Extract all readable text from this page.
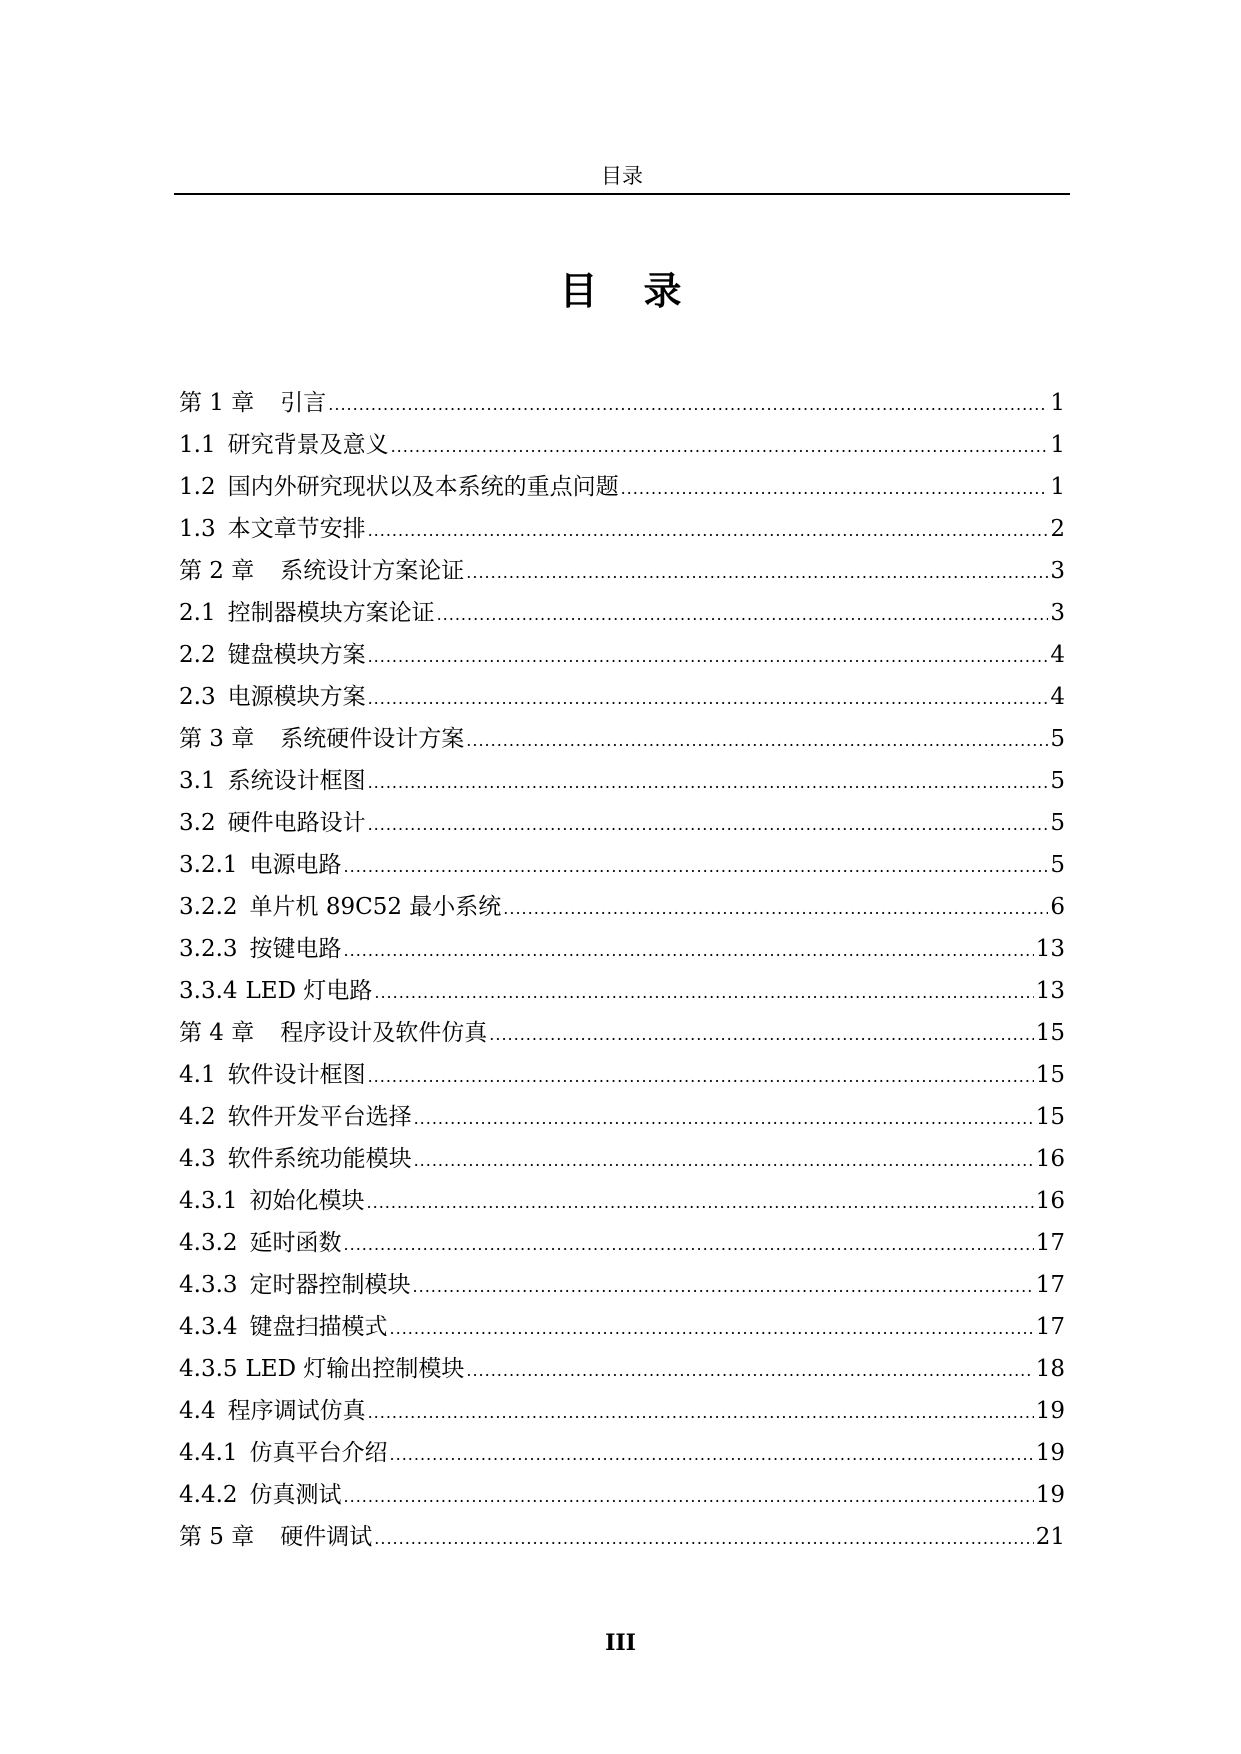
目录
目 录
第 1 章 引言 .....	1
1.1 研究背景及意义 .....	1
1.2 国内外研究现状以及本系统的重点问题 .....	1
1.3 本文章节安排 .....	2
第 2 章 系统设计方案论证 .....	3
2.1 控制器模块方案论证 .....	3
2.2 键盘模块方案 .....	4
2.3 电源模块方案 .....	4
第 3 章 系统硬件设计方案 .....	5
3.1 系统设计框图 .....	5
3.2 硬件电路设计 .....	5
3.2.1 电源电路 .....	5
3.2.2 单片机 89C52 最小系统 .....	6
3.2.3 按键电路 .....	13
3.3.4 LED 灯电路 .....	13
第 4 章 程序设计及软件仿真 .....	15
4.1 软件设计框图 .....	15
4.2 软件开发平台选择 .....	15
4.3 软件系统功能模块 .....	16
4.3.1 初始化模块 .....	16
4.3.2 延时函数 .....	17
4.3.3 定时器控制模块 .....	17
4.3.4 键盘扫描模式 .....	17
4.3.5 LED 灯输出控制模块 .....	18
4.4 程序调试仿真 .....	19
4.4.1 仿真平台介绍 .....	19
4.4.2 仿真测试 .....	19
第 5 章 硬件调试 .....	21
III
